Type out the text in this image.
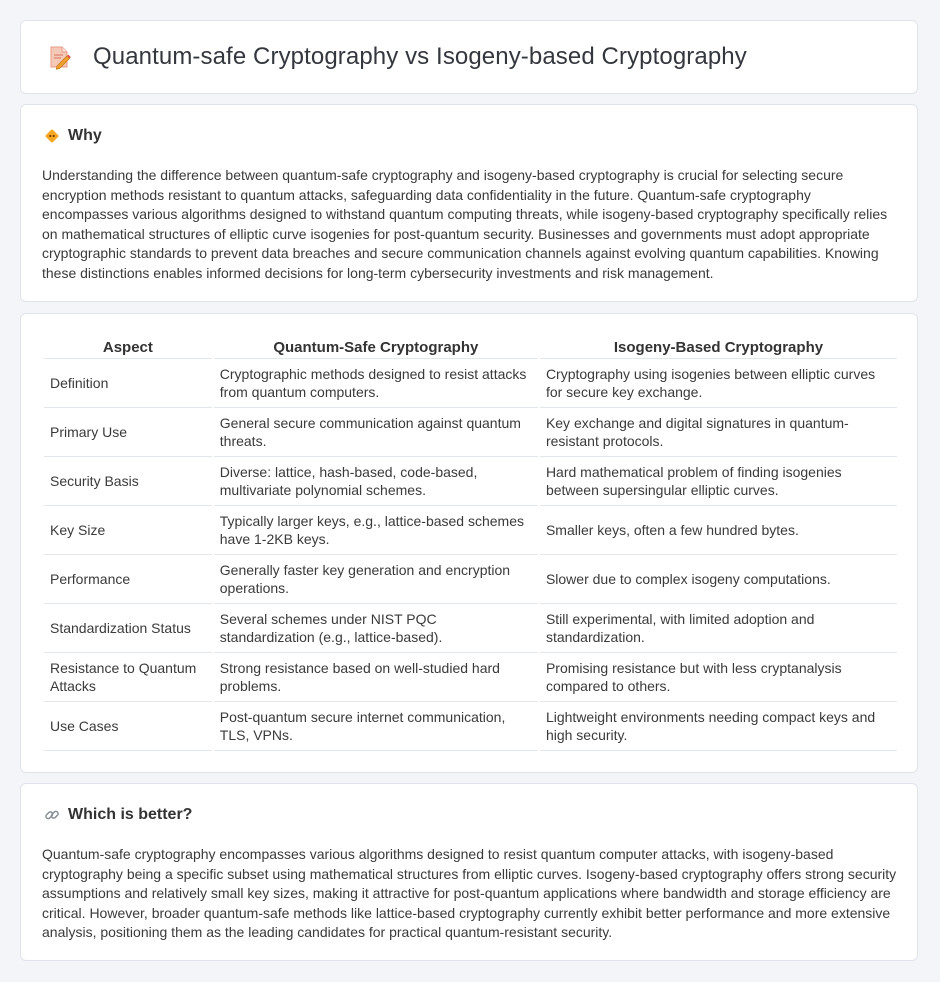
Quantum-safe Cryptography vs Isogeny-based Cryptography
Why

Understanding the difference between quantum-safe cryptography and isogeny-based cryptography is crucial for selecting secure encryption methods resistant to quantum attacks, safeguarding data confidentiality in the future. Quantum-safe cryptography encompasses various algorithms designed to withstand quantum computing threats, while isogeny-based cryptography specifically relies on mathematical structures of elliptic curve isogenies for post-quantum security. Businesses and governments must adopt appropriate cryptographic standards to prevent data breaches and secure communication channels against evolving quantum capabilities. Knowing these distinctions enables informed decisions for long-term cybersecurity investments and risk management.

Aspect	Quantum-Safe Cryptography	Isogeny-Based Cryptography
Definition	Cryptographic methods designed to resist attacks from quantum computers.	Cryptography using isogenies between elliptic curves for secure key exchange.
Primary Use	General secure communication against quantum threats.	Key exchange and digital signatures in quantum-resistant protocols.
Security Basis	Diverse: lattice, hash-based, code-based, multivariate polynomial schemes.	Hard mathematical problem of finding isogenies between supersingular elliptic curves.
Key Size	Typically larger keys, e.g., lattice-based schemes have 1-2KB keys.	Smaller keys, often a few hundred bytes.
Performance	Generally faster key generation and encryption operations.	Slower due to complex isogeny computations.
Standardization Status	Several schemes under NIST PQC standardization (e.g., lattice-based).	Still experimental, with limited adoption and standardization.
Resistance to Quantum Attacks	Strong resistance based on well-studied hard problems.	Promising resistance but with less cryptanalysis compared to others.
Use Cases	Post-quantum secure internet communication, TLS, VPNs.	Lightweight environments needing compact keys and high security.
Which is better?

Quantum-safe cryptography encompasses various algorithms designed to resist quantum computer attacks, with isogeny-based cryptography being a specific subset using mathematical structures from elliptic curves. Isogeny-based cryptography offers strong security assumptions and relatively small key sizes, making it attractive for post-quantum applications where bandwidth and storage efficiency are critical. However, broader quantum-safe methods like lattice-based cryptography currently exhibit better performance and more extensive analysis, positioning them as the leading candidates for practical quantum-resistant security.
